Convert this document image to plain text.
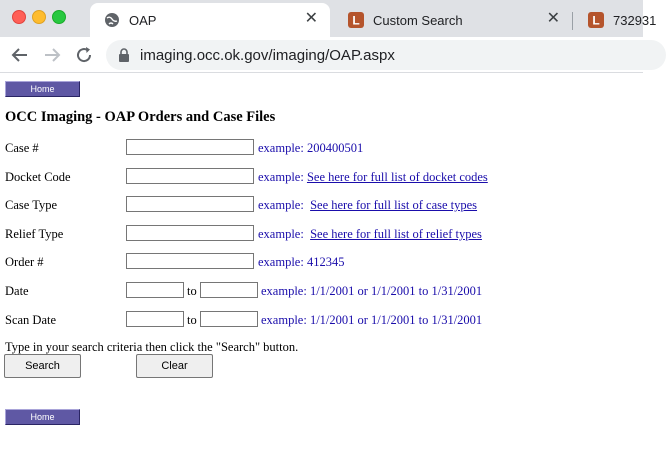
OAP	✕	L Custom Search	✕	L 732931
imaging.occ.ok.gov/imaging/OAP.aspx
Home
OCC Imaging - OAP Orders and Case Files
Case #	example: 200400501
Docket Code	example: See here for full list of docket codes
Case Type	example: See here for full list of case types
Relief Type	example: See here for full list of relief types
Order #	example: 412345
Date	to	example: 1/1/2001 or 1/1/2001 to 1/31/2001
Scan Date	to	example: 1/1/2001 or 1/1/2001 to 1/31/2001
Type in your search criteria then click the "Search" button.
Search	Clear
Home
